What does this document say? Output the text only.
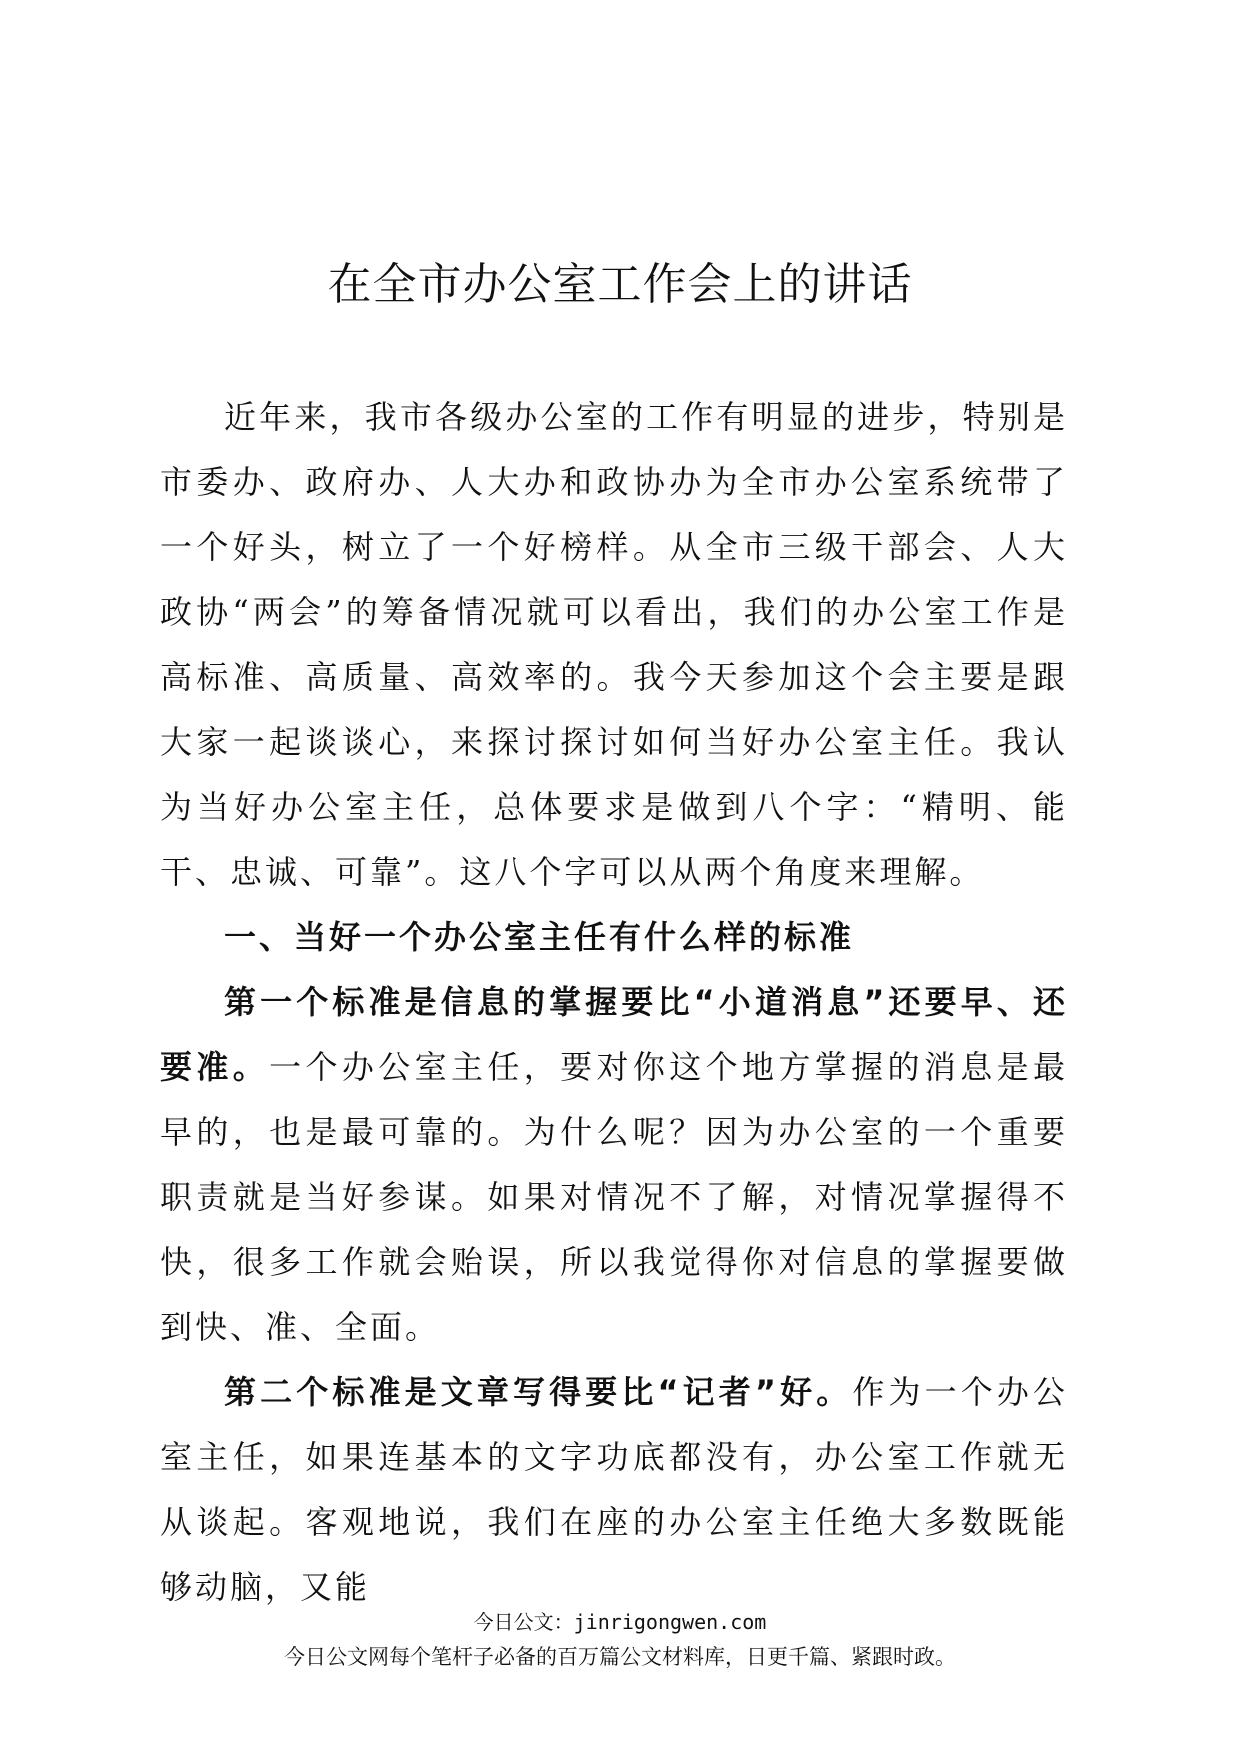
在全市办公室工作会上的讲话

近年来，我市各级办公室的工作有明显的进步，特别是市委办、政府办、人大办和政协办为全市办公室系统带了一个好头，树立了一个好榜样。从全市三级干部会、人大政协“两会”的筹备情况就可以看出，我们的办公室工作是高标准、高质量、高效率的。我今天参加这个会主要是跟大家一起谈谈心，来探讨探讨如何当好办公室主任。我认为当好办公室主任，总体要求是做到八个字：“精明、能干、忠诚、可靠”。这八个字可以从两个角度来理解。

一、当好一个办公室主任有什么样的标准

第一个标准是信息的掌握要比“小道消息”还要早、还要准。一个办公室主任，要对你这个地方掌握的消息是最早的，也是最可靠的。为什么呢？因为办公室的一个重要职责就是当好参谋。如果对情况不了解，对情况掌握得不快，很多工作就会贻误，所以我觉得你对信息的掌握要做到快、准、全面。

第二个标准是文章写得要比“记者”好。作为一个办公室主任，如果连基本的文字功底都没有，办公室工作就无从谈起。客观地说，我们在座的办公室主任绝大多数既能够动脑，又能

今日公文：jinrigongwen.com
今日公文网每个笔杆子必备的百万篇公文材料库，日更千篇、紧跟时政。
